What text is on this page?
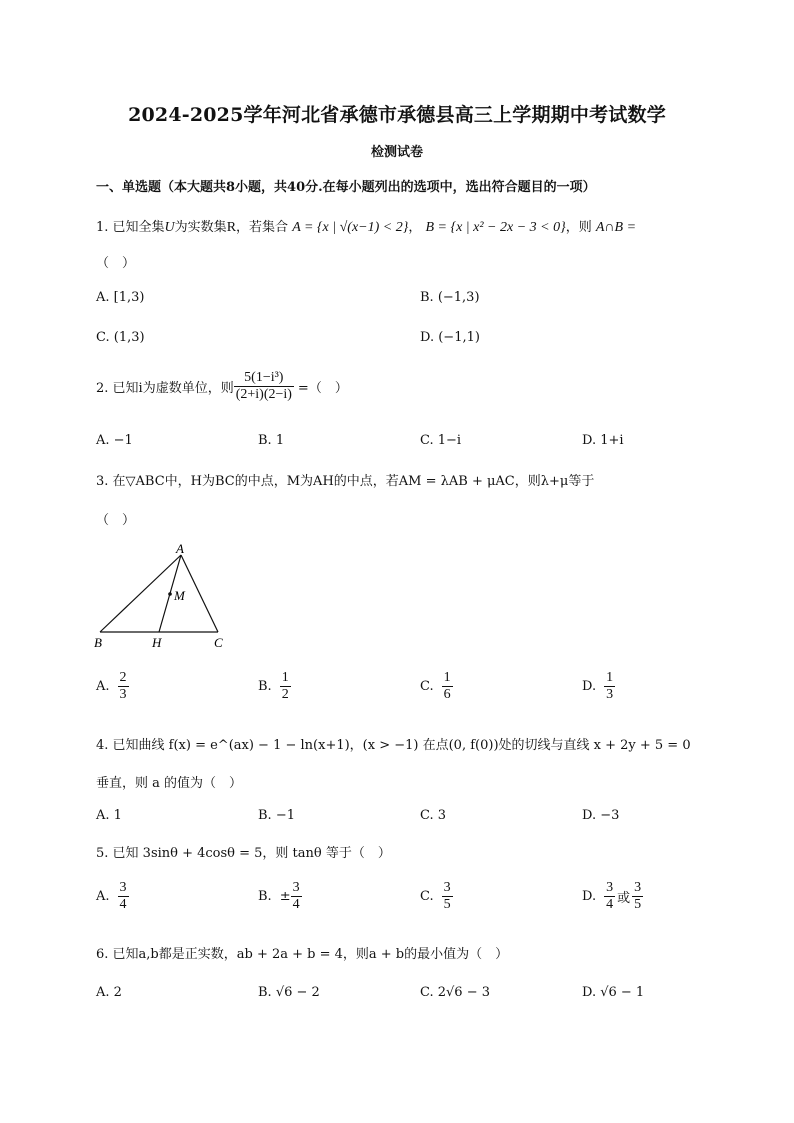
2024-2025学年河北省承德市承德县高三上学期期中考试数学
检测试卷
一、单选题（本大题共8小题，共40分.在每小题列出的选项中，选出符合题目的一项）
1. 已知全集U为实数集R，若集合 A = {x | √(x−1) < 2}， B = {x | x² − 2x − 3 < 0}，则 A∩B =
（　）
A. [1,3)	B. (−1,3)
C. (1,3)	D. (−1,1)
2. 已知i为虚数单位，则 $\frac{\text{5(1−i³)}}{(2+i)(2-i)}$ =（　）
A. −1	B. 1	C. 1−i	D. 1+i
3. 在▽ABC中，H为BC的中点，M为AH的中点，若AM = λAB + μAC，则λ+μ等于
（　）
A
M
B	H	C
A. $\frac{2}{3}$	B. $\frac{1}{2}$	C. $\frac{1}{6}$	D. $\frac{1}{3}$
4. 已知曲线 f(x) = e^(ax) − 1 − ln(x+1)，(x > −1) 在点(0, f(0))处的切线与直线 x + 2y + 5 = 0
垂直，则 a 的值为（　）
A. 1	B. −1	C. 3	D. −3
5. 已知 3sinθ + 4cosθ = 5，则 tanθ 等于（　）
A. $\frac{3}{4}$	B. ± $\frac{3}{4}$	C. $\frac{3}{5}$	D. $\frac{3}{4}$ 或 $\frac{3}{5}$
6. 已知a,b都是正实数，ab + 2a + b = 4，则a + b的最小值为（　）
A. 2	B. √6 − 2	C. 2√6 − 3	D. √6 − 1
